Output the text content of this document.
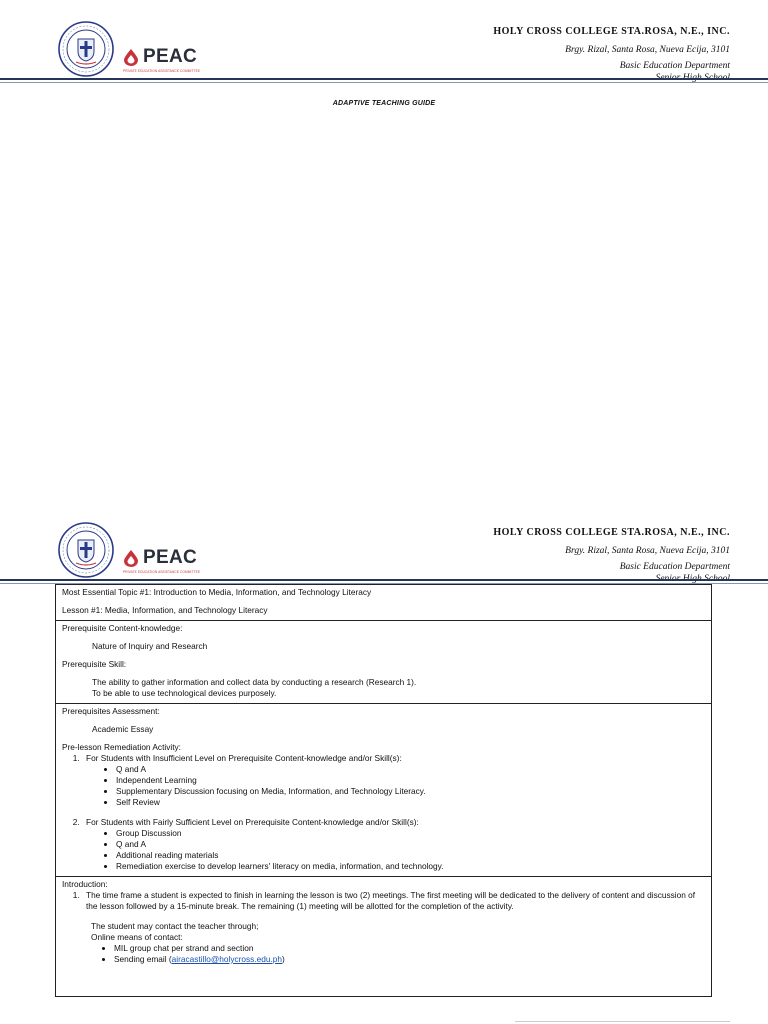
PEAC
PRIVATE EDUCATION ASSISTANCE COMMITTEE
HOLY CROSS COLLEGE STA.ROSA, N.E., INC.
Brgy. Rizal, Santa Rosa, Nueva Ecija, 3101
Basic Education Department
ADAPTIVE TEACHING GUIDE
PEAC
PRIVATE EDUCATION ASSISTANCE COMMITTEE
HOLY CROSS COLLEGE STA.ROSA, N.E., INC.
Brgy. Rizal, Santa Rosa, Nueva Ecija, 3101
Basic Education Department

Most Essential Topic #1: Introduction to Media, Information, and Technology Literacy

Lesson #1: Media, Information, and Technology Literacy

Prerequisite Content-knowledge:

Nature of Inquiry and Research

Prerequisite Skill:

The ability to gather information and collect data by conducting a research (Research 1).

To be able to use technological devices purposely.

Prerequisites Assessment:

Academic Essay

Pre-lesson Remediation Activity:

1. For Students with Insufficient Level on Prerequisite Content-knowledge and/or Skill(s):
• Q and A
• Independent Learning
• Supplementary Discussion focusing on Media, Information, and Technology Literacy.
• Self Review
2. For Students with Fairly Sufficient Level on Prerequisite Content-knowledge and/or Skill(s):
• Group Discussion
• Q and A
• Additional reading materials
• Remediation exercise to develop learners' literacy on media, information, and technology.

Introduction:

1. The time frame a student is expected to finish in learning the lesson is two (2) meetings. The first meeting will be dedicated to the delivery of content and discussion of the lesson followed by a 15-minute break. The remaining (1) meeting will be allotted for the completion of the activity.

The student may contact the teacher through;

Online means of contact:

• MIL group chat per strand and section
• Sending email (airacastillo@holycross.edu.ph)
